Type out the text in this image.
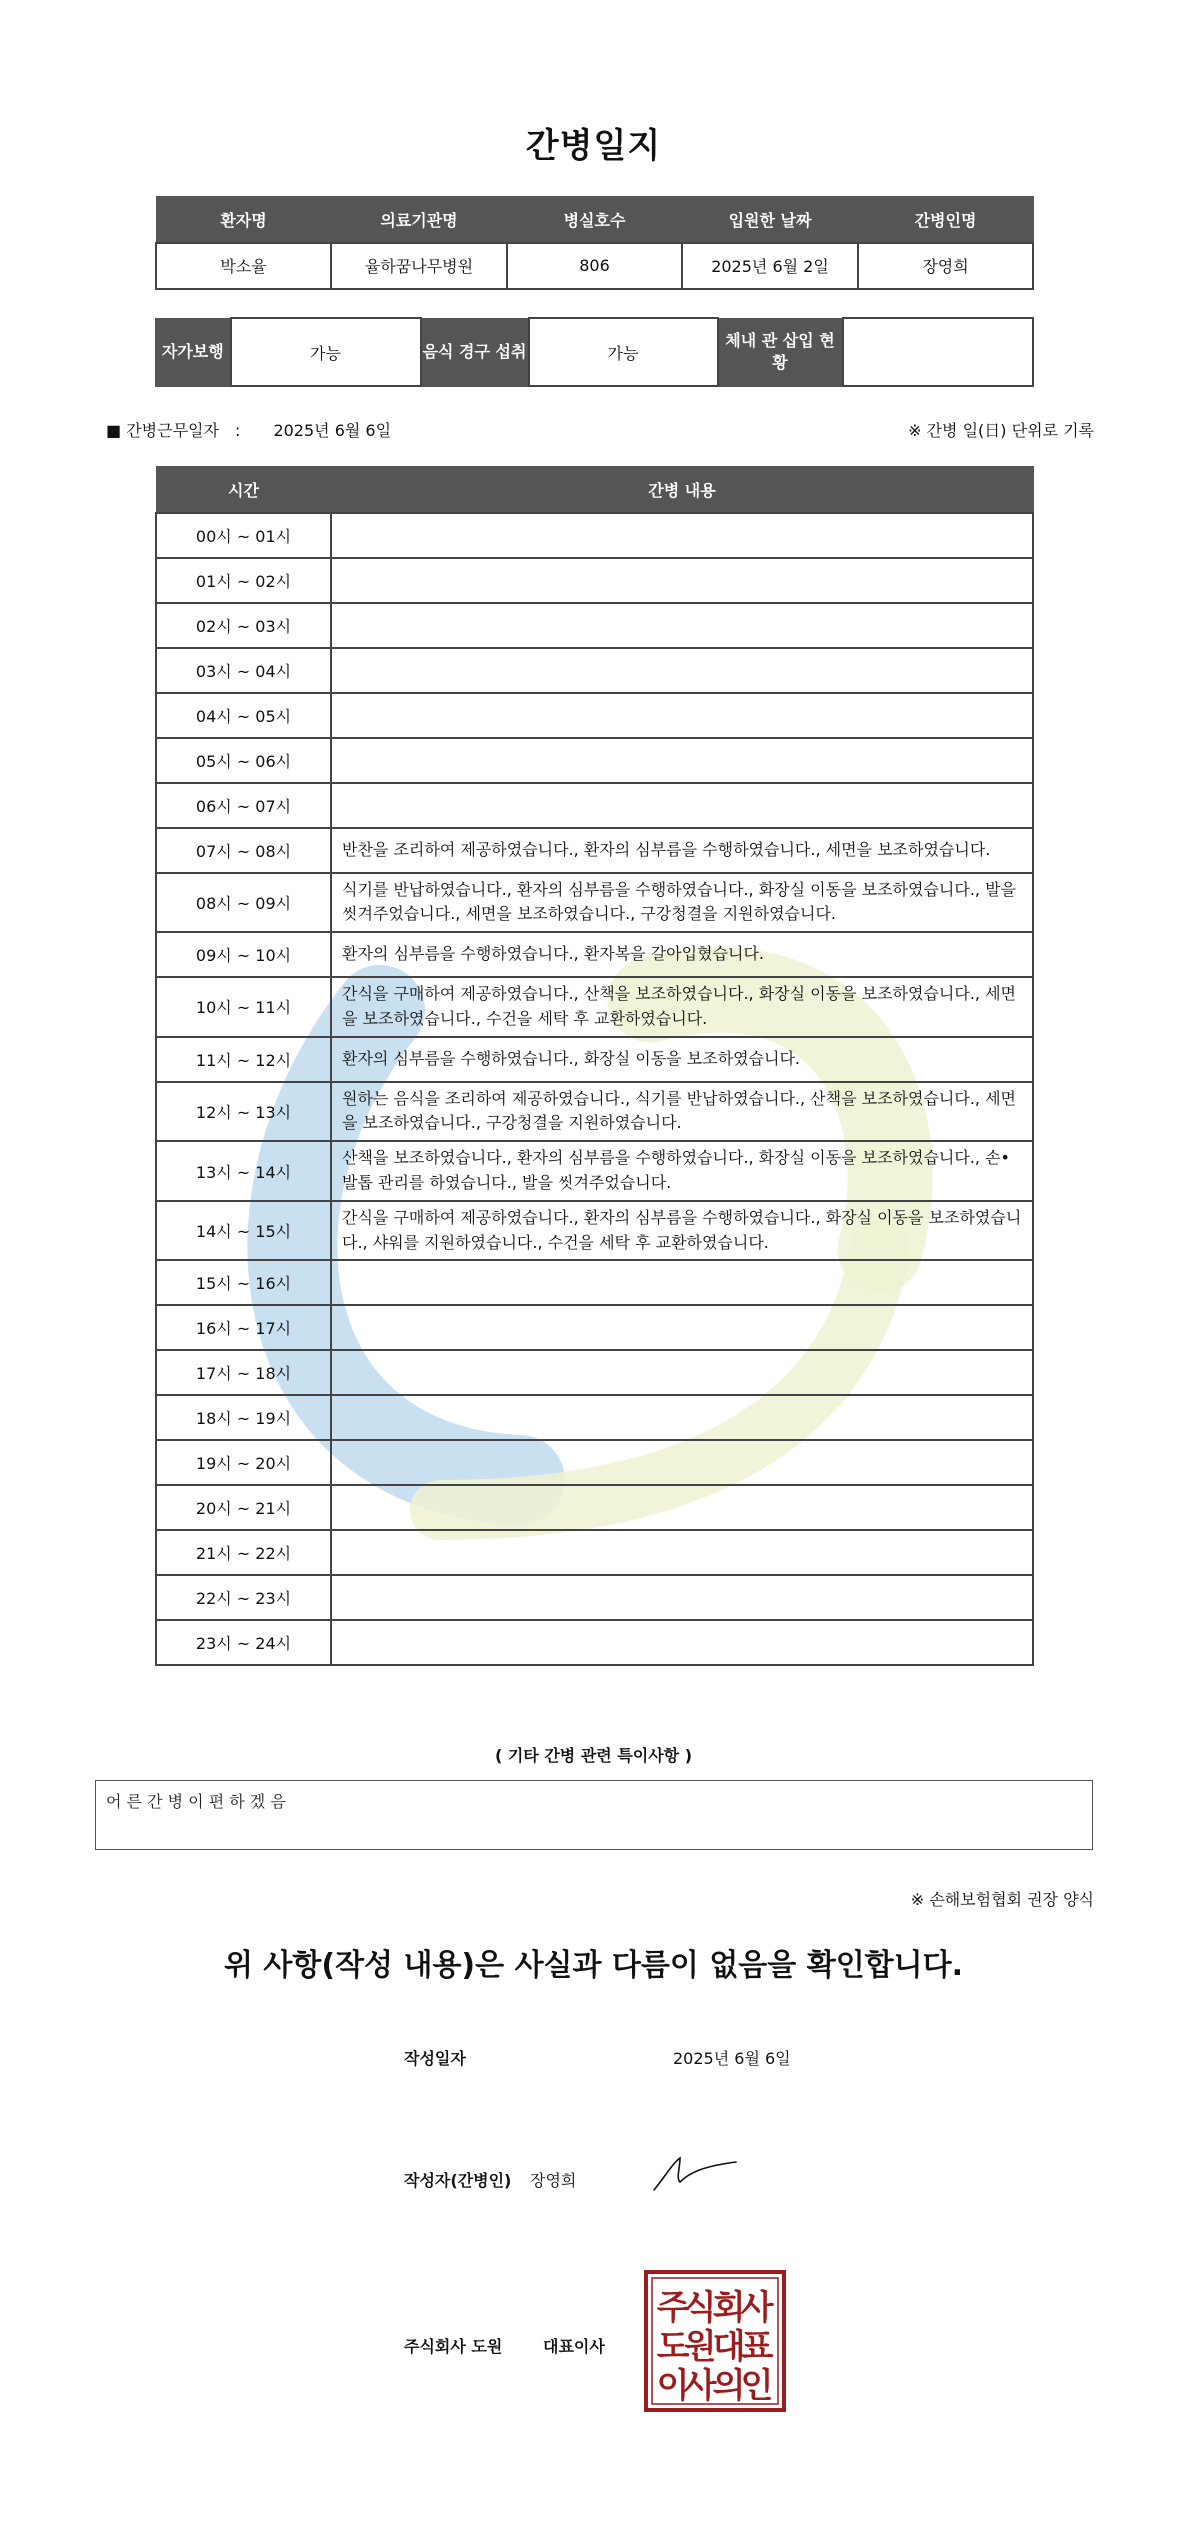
간병일지
환자명	의료기관명	병실호수	입원한 날짜	간병인명
박소율	율하꿈나무병원	806	2025년 6월 2일	장영희
자가보행	가능	음식 경구 섭취	가능	체내 관 삽입 현황	
■ 간병근무일자　: 2025년 6월 6일	※ 간병 일(日) 단위로 기록
시간	간병 내용
00시 ~ 01시	
01시 ~ 02시	
02시 ~ 03시	
03시 ~ 04시	
04시 ~ 05시	
05시 ~ 06시	
06시 ~ 07시	
07시 ~ 08시	반찬을 조리하여 제공하였습니다., 환자의 심부름을 수행하였습니다., 세면을 보조하였습니다.
08시 ~ 09시	식기를 반납하였습니다., 환자의 심부름을 수행하였습니다., 화장실 이동을 보조하였습니다., 발을 씻겨주었습니다., 세면을 보조하였습니다., 구강청결을 지원하였습니다.
09시 ~ 10시	환자의 심부름을 수행하였습니다., 환자복을 갈아입혔습니다.
10시 ~ 11시	간식을 구매하여 제공하였습니다., 산책을 보조하였습니다., 화장실 이동을 보조하였습니다., 세면을 보조하였습니다., 수건을 세탁 후 교환하였습니다.
11시 ~ 12시	환자의 심부름을 수행하였습니다., 화장실 이동을 보조하였습니다.
12시 ~ 13시	원하는 음식을 조리하여 제공하였습니다., 식기를 반납하였습니다., 산책을 보조하였습니다., 세면을 보조하였습니다., 구강청결을 지원하였습니다.
13시 ~ 14시	산책을 보조하였습니다., 환자의 심부름을 수행하였습니다., 화장실 이동을 보조하였습니다., 손•발톱 관리를 하였습니다., 발을 씻겨주었습니다.
14시 ~ 15시	간식을 구매하여 제공하였습니다., 환자의 심부름을 수행하였습니다., 화장실 이동을 보조하였습니다., 샤워를 지원하였습니다., 수건을 세탁 후 교환하였습니다.
15시 ~ 16시	
16시 ~ 17시	
17시 ~ 18시	
18시 ~ 19시	
19시 ~ 20시	
20시 ~ 21시	
21시 ~ 22시	
22시 ~ 23시	
23시 ~ 24시	
( 기타 간병 관련 특이사항 )
어 른 간 병 이 편 하 겠 음
※ 손해보험협회 권장 양식
위 사항(작성 내용)은 사실과 다름이 없음을 확인합니다.
작성일자	2025년 6월 6일
작성자(간병인) 장영희
주식회사 도원	대표이사
주
식
회
사
도
원
대
표
이
사
의
인
